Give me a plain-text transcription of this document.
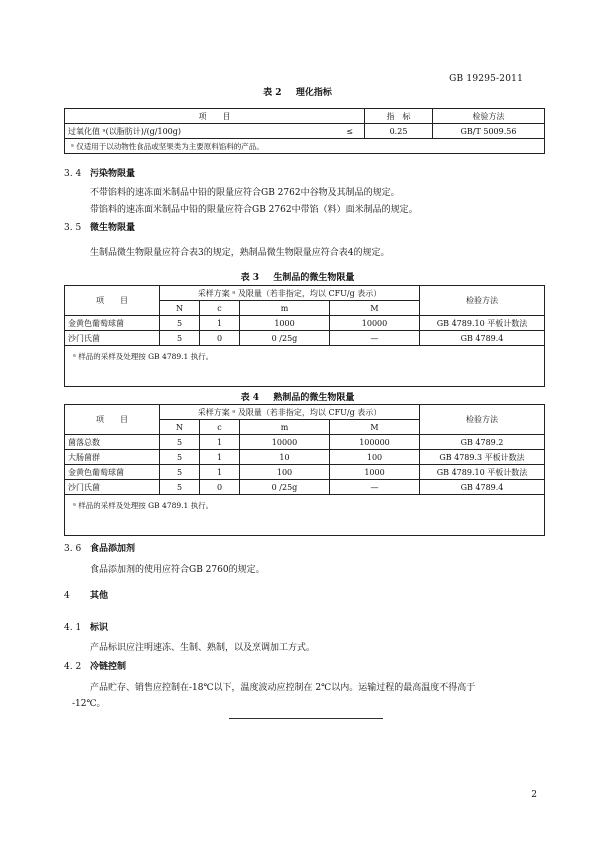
GB 19295-2011
表 2 理化指标
项　　目	指　标	检验方法
过氧化值 ᵃ(以脂肪计)/(g/100g) ≤	0.25	GB/T 5009.56
ᵃ 仅适用于以动物性食品或坚果类为主要原料馅料的产品。		
3. 4 污染物限量
不带馅料的速冻面米制品中铅的限量应符合GB 2762中谷物及其制品的规定。
带馅料的速冻面米制品中铅的限量应符合GB 2762中带馅（料）面米制品的规定。
3. 5 微生物限量
生制品微生物限量应符合表3的规定，熟制品微生物限量应符合表4的规定。
表 3 生制品的微生物限量
项　　目	采样方案 ᵃ 及限量（若非指定，均以 CFU/g 表示）				检验方法
	N	c	m	M	
金黄色葡萄球菌	5	1	1000	10000	GB 4789.10 平板计数法
沙门氏菌	5	0	0 /25g	—	GB 4789.4
ᵃ 样品的采样及处理按 GB 4789.1 执行。					
表 4 熟制品的微生物限量
项　　目	采样方案 ᵃ 及限量（若非指定，均以 CFU/g 表示）				检验方法
	N	c	m	M	
菌落总数	5	1	10000	100000	GB 4789.2
大肠菌群	5	1	10	100	GB 4789.3 平板计数法
金黄色葡萄球菌	5	1	100	1000	GB 4789.10 平板计数法
沙门氏菌	5	0	0 /25g	—	GB 4789.4
ᵃ 样品的采样及处理按 GB 4789.1 执行。					
3. 6 食品添加剂
食品添加剂的使用应符合GB 2760的规定。
4 其他
4. 1 标识
产品标识应注明速冻、生制、熟制，以及烹调加工方式。
4. 2 冷链控制
产品贮存、销售应控制在-18℃以下，温度波动应控制在 2℃以内。运输过程的最高温度不得高于
-12℃。
2
